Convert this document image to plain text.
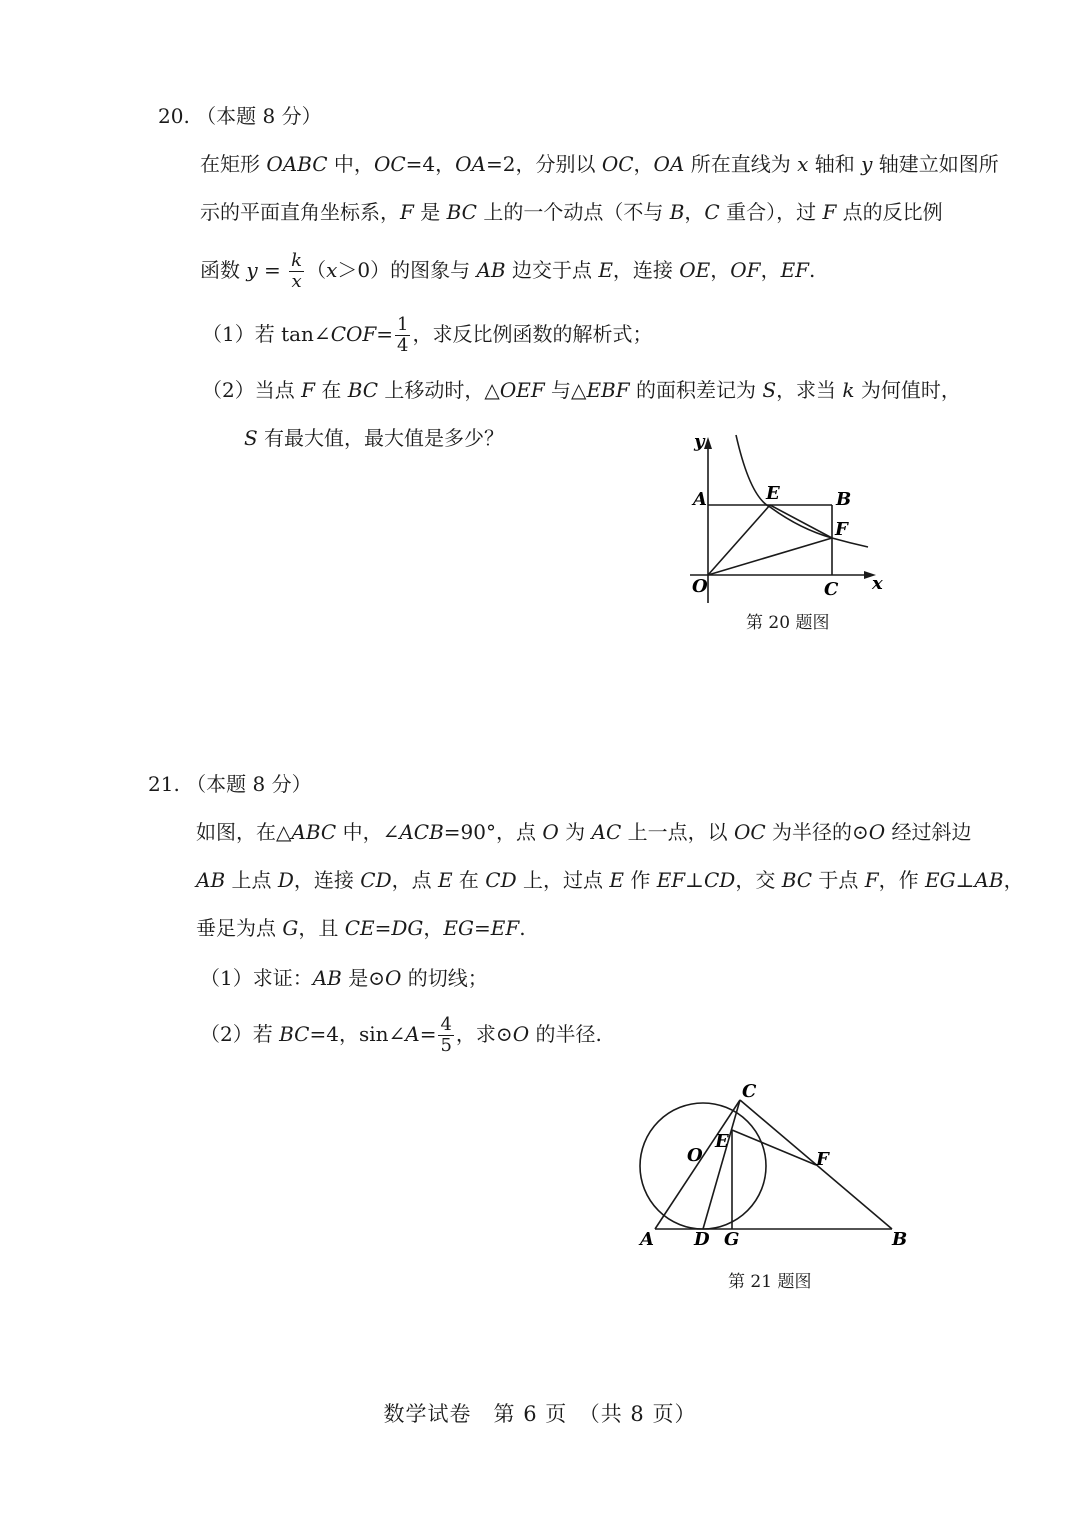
20. （本题 8 分）
在矩形 OABC 中，OC=4，OA=2，分别以 OC，OA 所在直线为 x 轴和 y 轴建立如图所
示的平面直角坐标系，F 是 BC 上的一个动点（不与 B，C 重合），过 F 点的反比例
函数 $y = \frac{k}{x} (x>0)$的图象与 AB 边交于点 E，连接 OE，OF，EF.
（1）若 tan∠COF= $\frac{1}{4}$ ，求反比例函数的解析式；
（2）当点 F 在 BC 上移动时，△OEF 与△EBF 的面积差记为 S，求当 k 为何值时，
S 有最大值，最大值是多少？	y
x
A	E	B
F
O	C
第 20 题图
21. （本题 8 分）
如图，在△ABC 中，∠ACB=90°，点 O 为 AC 上一点，以 OC 为半径的⊙O 经过斜边
AB 上点 D，连接 CD，点 E 在 CD 上，过点 E 作 EF⊥CD，交 BC 于点 F，作 EG⊥AB，
垂足为点 G，且 CE=DG，EG=EF.
（1）求证：AB 是⊙O 的切线；
（2）若 BC=4，sin∠A= $\frac{4}{5}$ ，求⊙O 的半径.
C
O
E
F
A D G	B
第 21 题图
数学试卷　第 6 页　（共 8 页）
